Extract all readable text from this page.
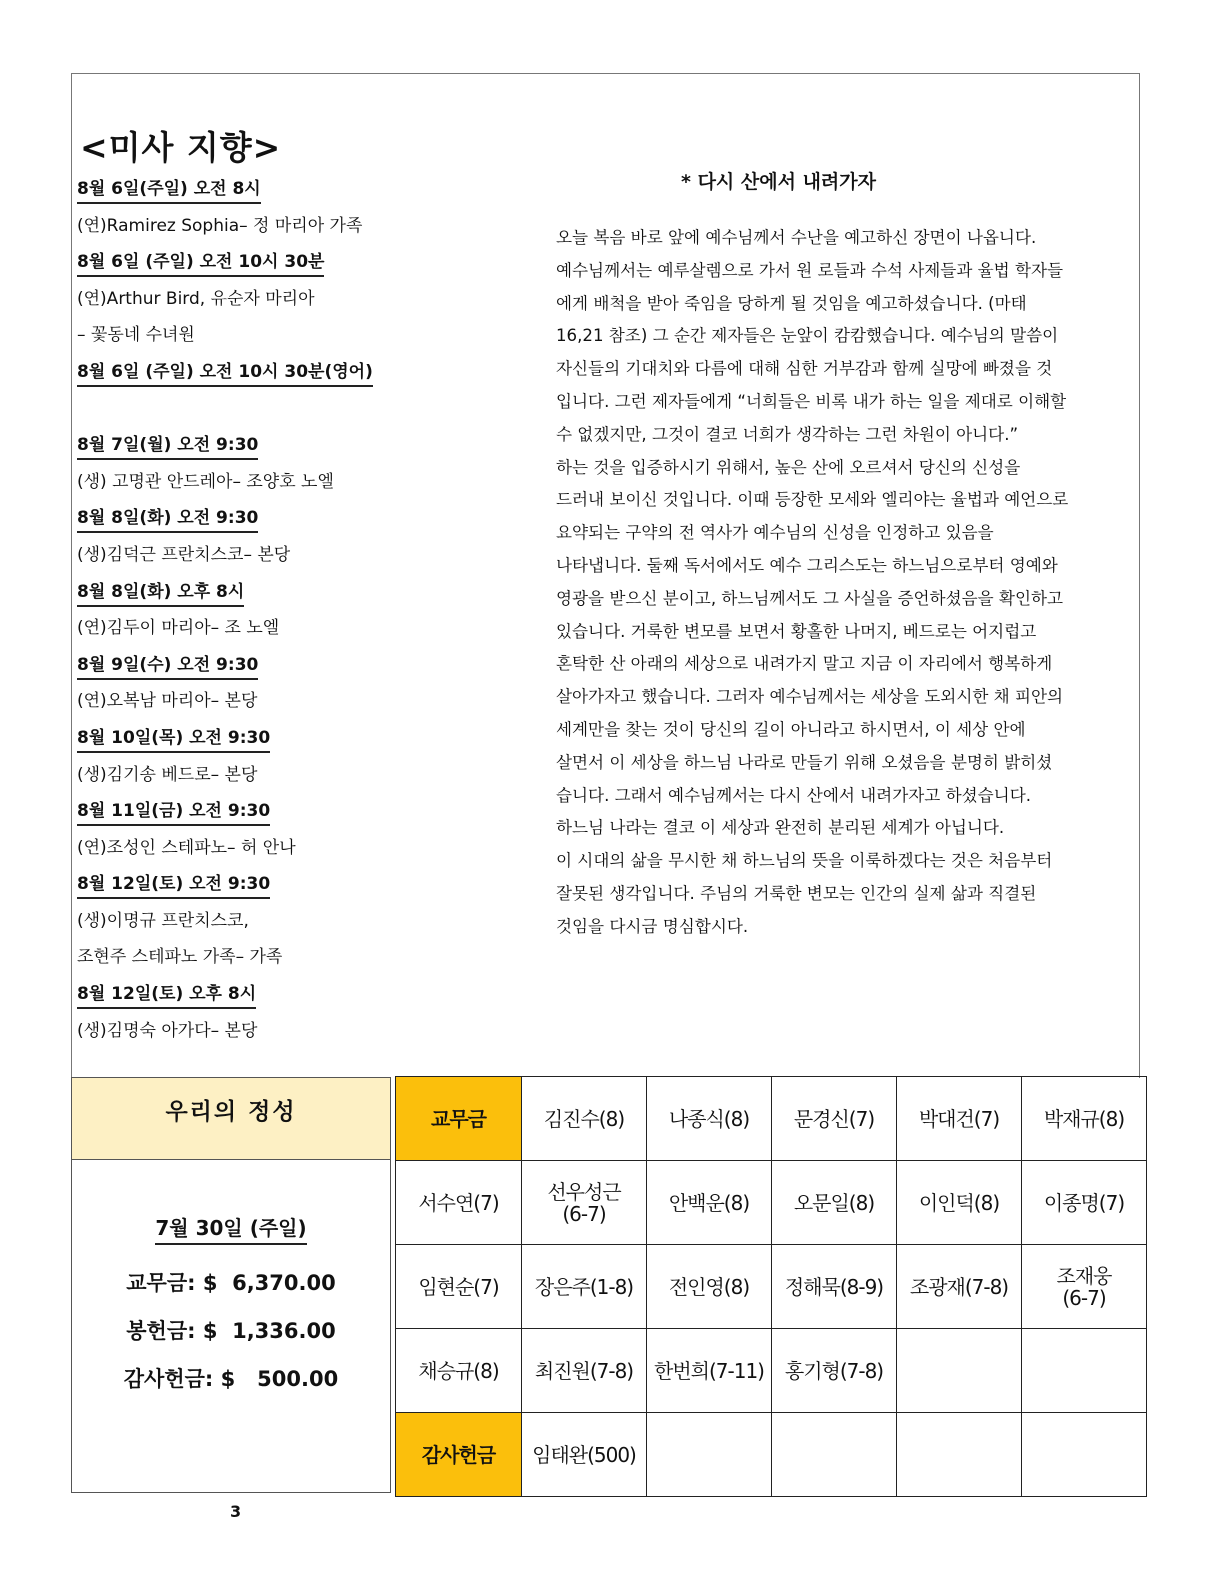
<미사 지향>
8월 6일(주일) 오전 8시
(연)Ramirez Sophia– 정 마리아 가족
8월 6일 (주일) 오전 10시 30분
(연)Arthur Bird, 유순자 마리아
– 꽃동네 수녀원
8월 6일 (주일) 오전 10시 30분(영어)
8월 7일(월) 오전 9:30
(생) 고명관 안드레아– 조양호 노엘
8월 8일(화) 오전 9:30
(생)김덕근 프란치스코– 본당
8월 8일(화) 오후 8시
(연)김두이 마리아– 조 노엘
8월 9일(수) 오전 9:30
(연)오복남 마리아– 본당
8월 10일(목) 오전 9:30
(생)김기송 베드로– 본당
8월 11일(금) 오전 9:30
(연)조성인 스테파노– 허 안나
8월 12일(토) 오전 9:30
(생)이명규 프란치스코,
조현주 스테파노 가족– 가족
8월 12일(토) 오후 8시
(생)김명숙 아가다– 본당
* 다시 산에서 내려가자
오늘 복음 바로 앞에 예수님께서 수난을 예고하신 장면이 나옵니다.
예수님께서는 예루살렘으로 가서 원 로들과 수석 사제들과 율법 학자들
에게 배척을 받아 죽임을 당하게 될 것임을 예고하셨습니다. (마태
16,21 참조) 그 순간 제자들은 눈앞이 캄캄했습니다. 예수님의 말씀이
자신들의 기대치와 다름에 대해 심한 거부감과 함께 실망에 빠졌을 것
입니다. 그런 제자들에게 “너희들은 비록 내가 하는 일을 제대로 이해할
수 없겠지만, 그것이 결코 너희가 생각하는 그런 차원이 아니다.”
하는 것을 입증하시기 위해서, 높은 산에 오르셔서 당신의 신성을
드러내 보이신 것입니다. 이때 등장한 모세와 엘리야는 율법과 예언으로
요약되는 구약의 전 역사가 예수님의 신성을 인정하고 있음을
나타냅니다. 둘째 독서에서도 예수 그리스도는 하느님으로부터 영예와
영광을 받으신 분이고, 하느님께서도 그 사실을 증언하셨음을 확인하고
있습니다. 거룩한 변모를 보면서 황홀한 나머지, 베드로는 어지럽고
혼탁한 산 아래의 세상으로 내려가지 말고 지금 이 자리에서 행복하게
살아가자고 했습니다. 그러자 예수님께서는 세상을 도외시한 채 피안의
세계만을 찾는 것이 당신의 길이 아니라고 하시면서, 이 세상 안에
살면서 이 세상을 하느님 나라로 만들기 위해 오셨음을 분명히 밝히셨
습니다. 그래서 예수님께서는 다시 산에서 내려가자고 하셨습니다.
하느님 나라는 결코 이 세상과 완전히 분리된 세계가 아닙니다.
이 시대의 삶을 무시한 채 하느님의 뜻을 이룩하겠다는 것은 처음부터
잘못된 생각입니다. 주님의 거룩한 변모는 인간의 실제 삶과 직결된
것임을 다시금 명심합시다.
우리의 정성
7월 30일 (주일)
교무금: $ 6,370.00
봉헌금: $ 1,336.00
감사헌금: $ 500.00
교무금	김진수(8)	나종식(8)	문경신(7)	박대건(7)	박재규(8)
서수연(7)	선우성근
(6-7)	안백운(8)	오문일(8)	이인덕(8)	이종명(7)
임현순(7)	장은주(1-8)	전인영(8)	정해묵(8-9)	조광재(7-8)	조재웅
(6-7)
채승규(8)	최진원(7-8)	한번희(7-11)	홍기형(7-8)		
감사헌금	임태완(500)				
3
